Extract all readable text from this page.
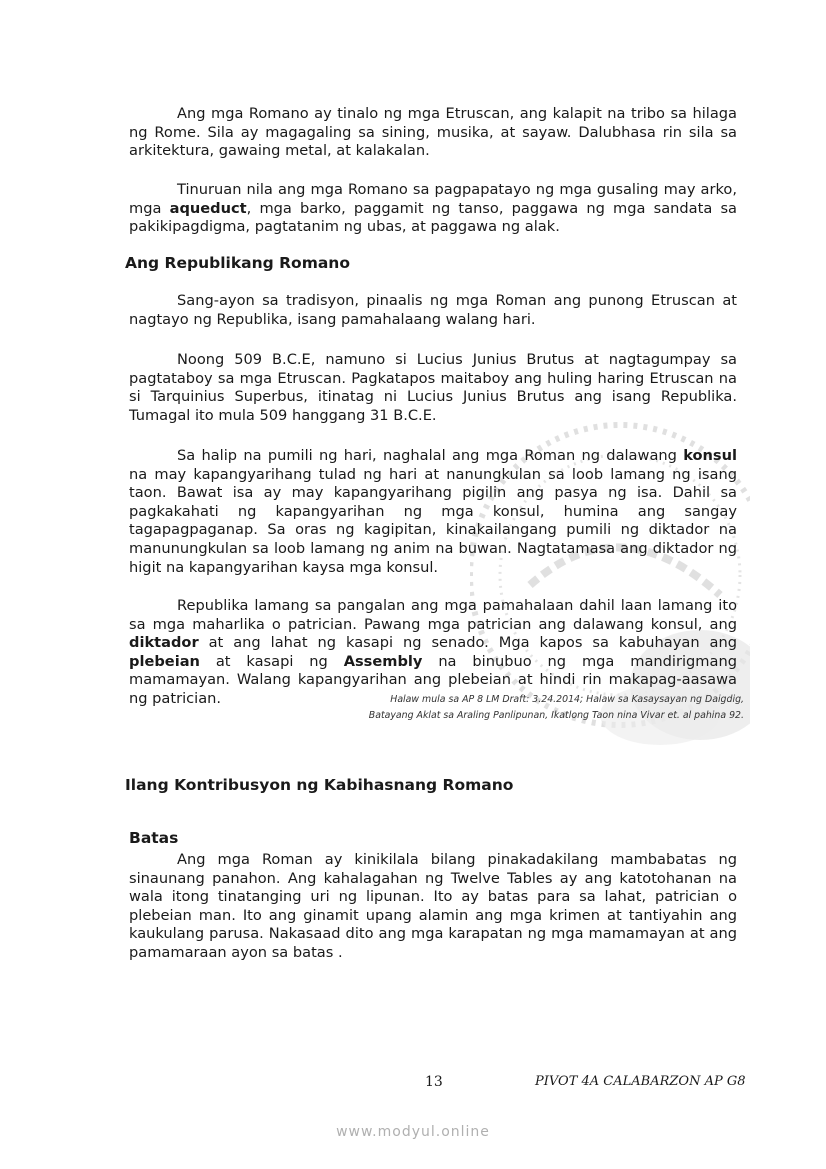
Ang mga Romano ay tinalo ng mga Etruscan, ang kalapit na tribo sa hilaga ng Rome. Sila ay magagaling sa sining, musika, at sayaw. Dalubhasa rin sila sa arkitektura, gawaing metal, at kalakalan.

Tinuruan nila ang mga Romano sa pagpapatayo ng mga gusaling may arko, mga aqueduct, mga barko, paggamit ng tanso, paggawa ng mga sandata sa pakikipagdigma, pagtatanim ng ubas, at paggawa ng alak.

Ang Republikang Romano

Sang-ayon sa tradisyon, pinaalis ng mga Roman ang punong Etruscan at nagtayo ng Republika, isang pamahalaang walang hari.

Noong 509 B.C.E, namuno si Lucius Junius Brutus at nagtagumpay sa pagtataboy sa mga Etruscan. Pagkatapos maitaboy ang huling haring Etruscan na si Tarquinius Superbus, itinatag ni Lucius Junius Brutus ang isang Republika. Tumagal ito mula 509 hanggang 31 B.C.E.

Sa halip na pumili ng hari, naghalal ang mga Roman ng dalawang konsul na may kapangyarihang tulad ng hari at nanungkulan sa loob lamang ng isang taon. Bawat isa ay may kapangyarihang pigilin ang pasya ng isa. Dahil sa pagkakahati ng kapangyarihan ng mga konsul, humina ang sangay tagapagpaganap. Sa oras ng kagipitan, kinakailangang pumili ng diktador na manunungkulan sa loob lamang ng anim na buwan. Nagtatamasa ang diktador ng higit na kapangyarihan kaysa mga konsul.

Republika lamang sa pangalan ang mga pamahalaan dahil laan lamang ito sa mga maharlika o patrician. Pawang mga patrician ang dalawang konsul, ang diktador at ang lahat ng kasapi ng senado. Mga kapos sa kabuhayan ang plebeian at kasapi ng Assembly na binubuo ng mga mandirigmang mamamayan. Walang kapangyarihan ang plebeian at hindi rin makapag-aasawa ng patrician.	Halaw mula sa AP 8 LM Draft: 3.24.2014; Halaw sa Kasaysayan ng Daigdig,
Batayang Aklat sa Araling Panlipunan, Ikatlong Taon nina Vivar et. al pahina 92.
Ilang Kontribusyon ng Kabihasnang Romano
Batas

Ang mga Roman ay kinikilala bilang pinakadakilang mambabatas ng sinaunang panahon. Ang kahalagahan ng Twelve Tables ay ang katotohanan na wala itong tinatanging uri ng lipunan. Ito ay batas para sa lahat, patrician o plebeian man. Ito ang ginamit upang alamin ang mga krimen at tantiyahin ang kaukulang parusa. Nakasaad dito ang mga karapatan ng mga mamamayan at ang pamamaraan ayon sa batas .

13	PIVOT 4A CALABARZON AP G8
www.modyul.online
